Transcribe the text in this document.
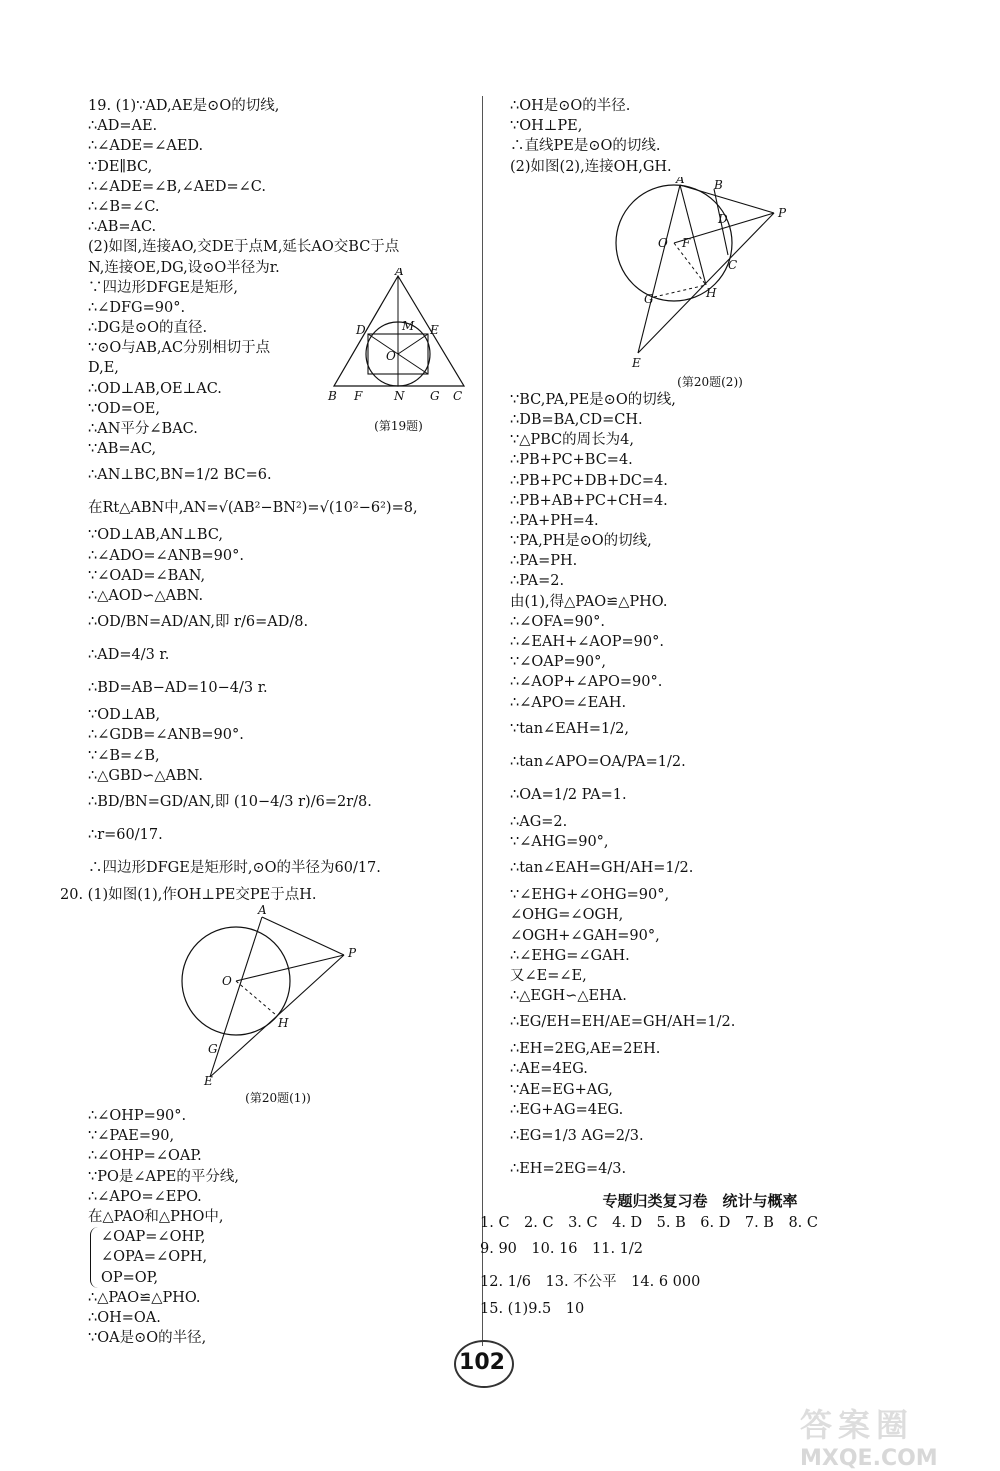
19. (1)∵AD,AE是⊙O的切线,
∴AD=AE.
∴∠ADE=∠AED.
∵DE∥BC,
∴∠ADE=∠B,∠AED=∠C.
∴∠B=∠C.
∴AB=AC.
(2)如图,连接AO,交DE于点M,延长AO交BC于点
N,连接OE,DG,设⊙O半径为r.
∵四边形DFGE是矩形,
∴∠DFG=90°.
∴DG是⊙O的直径.
∵⊙O与AB,AC分别相切于点
D,E,
∴OD⊥AB,OE⊥AC.
∵OD=OE,
∴AN平分∠BAC.
∵AB=AC,
A
D	M E
O
B F	N G C
(第19题)
∴AN⊥BC,BN=1/2 BC=6.
在Rt△ABN中,AN=√(AB²−BN²)=√(10²−6²)=8,
∵OD⊥AB,AN⊥BC,
∴∠ADO=∠ANB=90°.
∵∠OAD=∠BAN,
∴△AOD∽△ABN.
∴OD/BN=AD/AN,即 r/6=AD/8.
∴AD=4/3 r.
∴BD=AB−AD=10−4/3 r.
∵OD⊥AB,
∴∠GDB=∠ANB=90°.
∵∠B=∠B,
∴△GBD∽△ABN.
∴BD/BN=GD/AN,即 (10−4/3 r)/6=2r/8.
∴r=60/17.
∴四边形DFGE是矩形时,⊙O的半径为60/17.
20. (1)如图(1),作OH⊥PE交PE于点H.
A
P
O
H
G
E
(第20题(1))
∴∠OHP=90°.
∵∠PAE=90,
∴∠OHP=∠OAP.
∵PO是∠APE的平分线,
∴∠APO=∠EPO.
在△PAO和△PHO中,
∠OAP=∠OHP,
∠OPA=∠OPH,
OP=OP,
∴△PAO≌△PHO.
∴OH=OA.
∵OA是⊙O的半径,
∴OH是⊙O的半径.
∵OH⊥PE,
∴直线PE是⊙O的切线.
(2)如图(2),连接OH,GH.
A B
D	P
O F
C
H
G
E
(第20题(2))
∵BC,PA,PE是⊙O的切线,
∴DB=BA,CD=CH.
∵△PBC的周长为4,
∴PB+PC+BC=4.
∴PB+PC+DB+DC=4.
∴PB+AB+PC+CH=4.
∴PA+PH=4.
∵PA,PH是⊙O的切线,
∴PA=PH.
∴PA=2.
由(1),得△PAO≌△PHO.
∴∠OFA=90°.
∴∠EAH+∠AOP=90°.
∵∠OAP=90°,
∴∠AOP+∠APO=90°.
∴∠APO=∠EAH.
∵tan∠EAH=1/2,
∴tan∠APO=OA/PA=1/2.
∴OA=1/2 PA=1.
∴AG=2.
∵∠AHG=90°,
∴tan∠EAH=GH/AH=1/2.
∵∠EHG+∠OHG=90°,
∠OHG=∠OGH,
∠OGH+∠GAH=90°,
∴∠EHG=∠GAH.
又∠E=∠E,
∴△EGH∽△EHA.
∴EG/EH=EH/AE=GH/AH=1/2.
∴EH=2EG,AE=2EH.
∴AE=4EG.
∵AE=EG+AG,
∴EG+AG=4EG.
∴EG=1/3 AG=2/3.
∴EH=2EG=4/3.
专题归类复习卷　统计与概率
1. C　2. C　3. C　4. D　5. B　6. D　7. B　8. C
9. 90　10. 16　11. 1/2
12. 1/6　13. 不公平　14. 6 000
15. (1)9.5　10
102
答案圈
MXQE.COM
